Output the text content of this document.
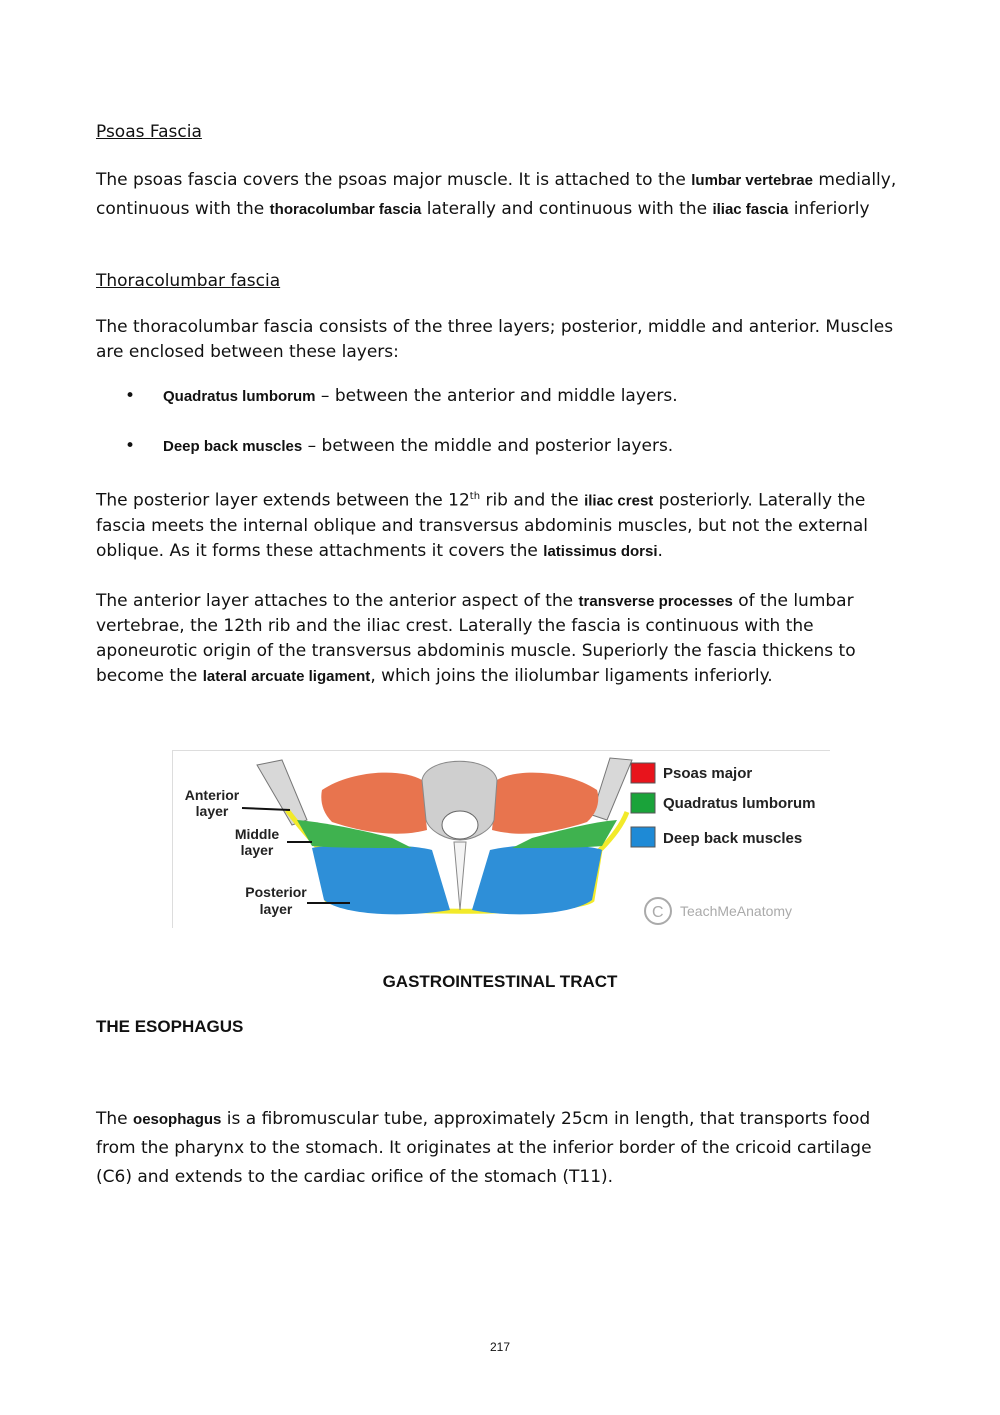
Psoas Fascia
The psoas fascia covers the psoas major muscle. It is attached to the lumbar vertebrae medially, continuous with the thoracolumbar fascia laterally and continuous with the iliac fascia inferiorly
Thoracolumbar fascia
The thoracolumbar fascia consists of the three layers; posterior, middle and anterior. Muscles are enclosed between these layers:
• Quadratus lumborum – between the anterior and middle layers.
• Deep back muscles – between the middle and posterior layers.
The posterior layer extends between the 12th rib and the iliac crest posteriorly. Laterally the fascia meets the internal oblique and transversus abdominis muscles, but not the external oblique. As it forms these attachments it covers the latissimus dorsi.
The anterior layer attaches to the anterior aspect of the transverse processes of the lumbar vertebrae, the 12th rib and the iliac crest. Laterally the fascia is continuous with the aponeurotic origin of the transversus abdominis muscle. Superiorly the fascia thickens to become the lateral arcuate ligament, which joins the iliolumbar ligaments inferiorly.
Anterior
layer
Middle
layer
Posterior
layer
Psoas major
Quadratus lumborum
Deep back muscles
C TeachMeAnatomy
GASTROINTESTINAL TRACT
THE ESOPHAGUS
The oesophagus is a fibromuscular tube, approximately 25cm in length, that transports food from the pharynx to the stomach. It originates at the inferior border of the cricoid cartilage (C6) and extends to the cardiac orifice of the stomach (T11).
217
